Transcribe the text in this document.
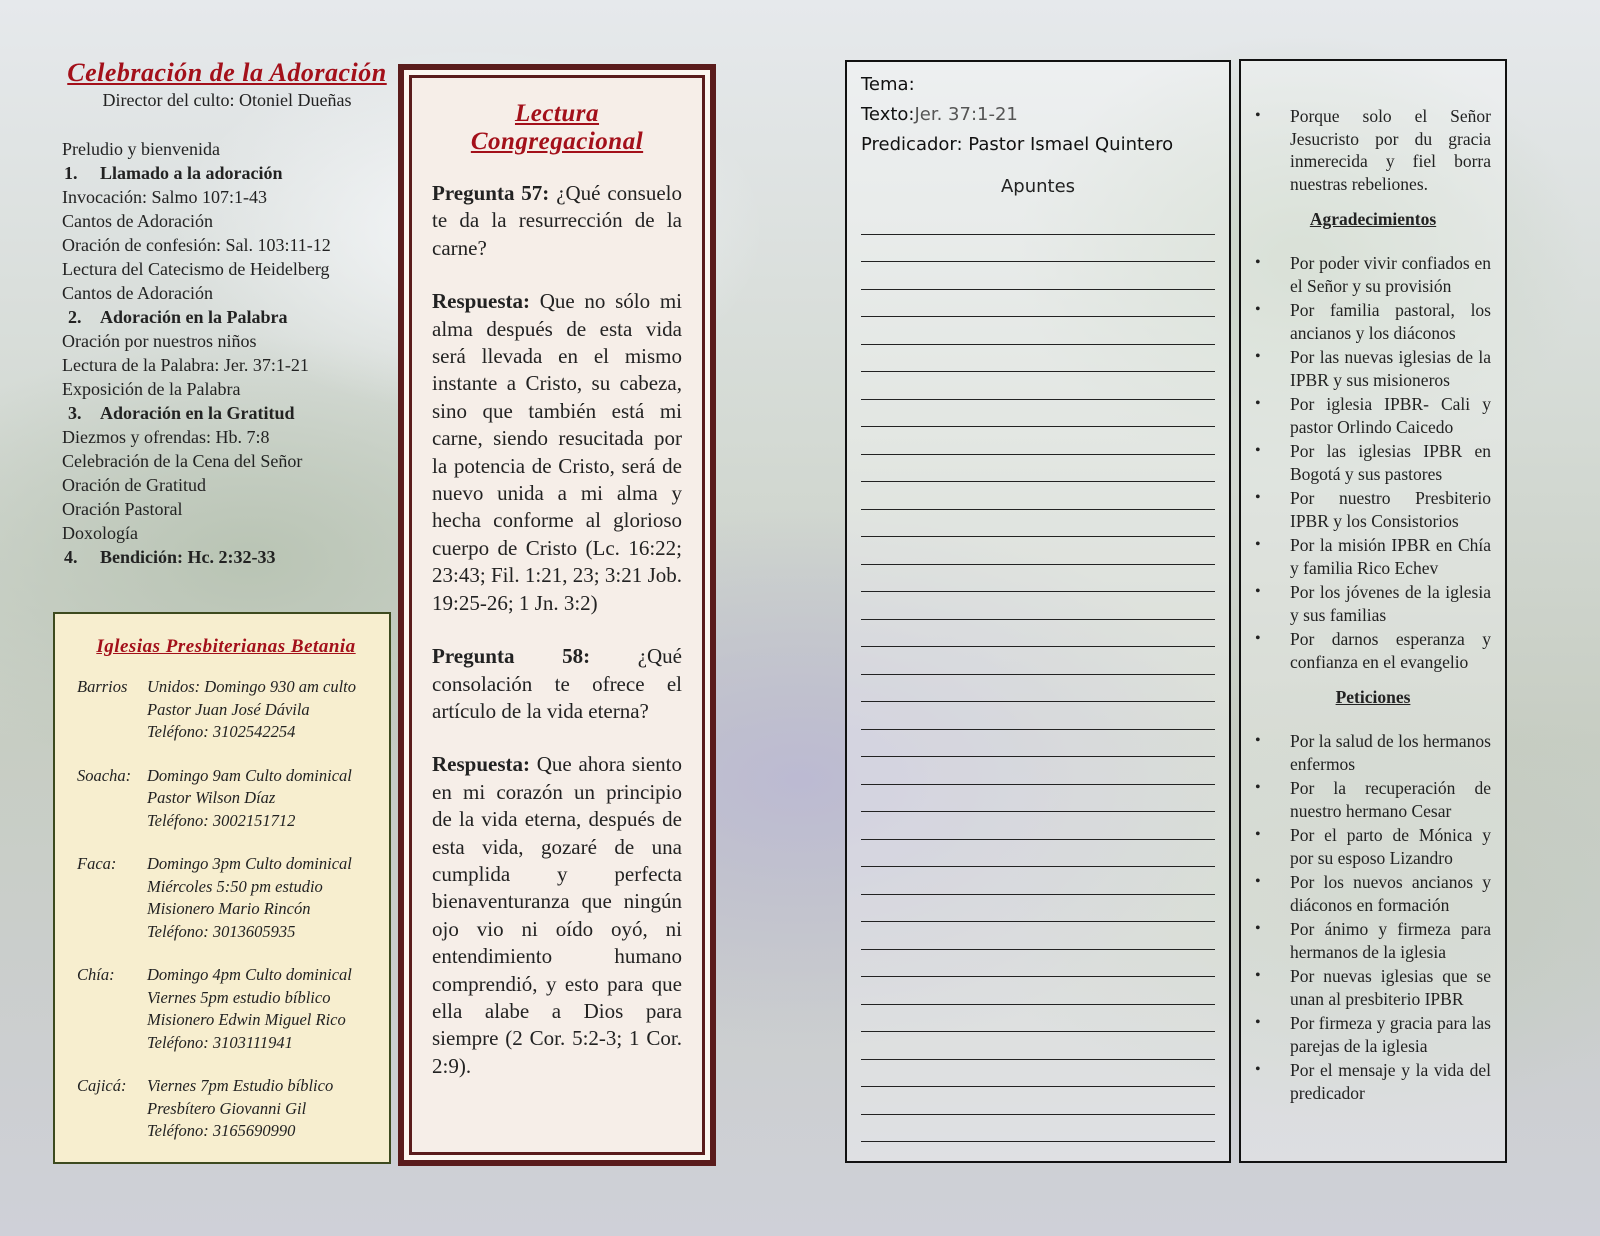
Celebración de la Adoración
Director del culto: Otoniel Dueñas
Preludio y bienvenida
1. Llamado a la adoración
Invocación: Salmo 107:1-43
Cantos de Adoración
Oración de confesión: Sal. 103:11-12
Lectura del Catecismo de Heidelberg
Cantos de Adoración
2. Adoración en la Palabra
Oración por nuestros niños
Lectura de la Palabra: Jer. 37:1-21
Exposición de la Palabra
3. Adoración en la Gratitud
Diezmos y ofrendas: Hb. 7:8
Celebración de la Cena del Señor
Oración de Gratitud
Oración Pastoral
Doxología
4. Bendición: Hc. 2:32-33
Iglesias Presbiterianas Betania
Barrios	Unidos: Domingo 930 am culto
Pastor Juan José Dávila
Teléfono: 3102542254
Soacha: Domingo 9am Culto dominical
Pastor Wilson Díaz
Teléfono: 3002151712
Faca:	Domingo 3pm Culto dominical
Miércoles 5:50 pm estudio
Misionero Mario Rincón
Teléfono: 3013605935
Chía:	Domingo 4pm Culto dominical
Viernes 5pm estudio bíblico
Misionero Edwin Miguel Rico
Teléfono: 3103111941
Cajicá:	Viernes 7pm Estudio bíblico
Presbítero Giovanni Gil
Teléfono: 3165690990
Lectura Congregacional

Pregunta 57: ¿Qué consuelo te da la resurrección de la carne?

Respuesta: Que no sólo mi alma después de esta vida será llevada en el mismo instante a Cristo, su cabeza, sino que también está mi carne, siendo resucitada por la potencia de Cristo, será de nuevo unida a mi alma y hecha conforme al glorioso cuerpo de Cristo (Lc. 16:22; 23:43; Fil. 1:21, 23; 3:21 Job. 19:25-26; 1 Jn. 3:2)

Pregunta 58: ¿Qué consolación te ofrece el artículo de la vida eterna?

Respuesta: Que ahora siento en mi corazón un principio de la vida eterna, después de esta vida, gozaré de una cumplida y perfecta bienaventuranza que ningún ojo vio ni oído oyó, ni entendimiento humano comprendió, y esto para que ella alabe a Dios para siempre (2 Cor. 5:2-3; 1 Cor. 2:9).

Tema:
Texto:Jer. 37:1-21
Predicador: Pastor Ismael Quintero
Apuntes
• Porque solo el Señor Jesucristo por du gracia inmerecida y fiel borra nuestras rebeliones.
Agradecimientos
• Por poder vivir confiados en el Señor y su provisión
• Por familia pastoral, los ancianos y los diáconos
• Por las nuevas iglesias de la IPBR y sus misioneros
• Por iglesia IPBR- Cali y pastor Orlindo Caicedo
• Por las iglesias IPBR en Bogotá y sus pastores
• Por nuestro Presbiterio IPBR y los Consistorios
• Por la misión IPBR en Chía y familia Rico Echev
• Por los jóvenes de la iglesia y sus familias
• Por darnos esperanza y confianza en el evangelio
Peticiones
• Por la salud de los hermanos enfermos
• Por la recuperación de nuestro hermano Cesar
• Por el parto de Mónica y por su esposo Lizandro
• Por los nuevos ancianos y diáconos en formación
• Por ánimo y firmeza para hermanos de la iglesia
• Por nuevas iglesias que se unan al presbiterio IPBR
• Por firmeza y gracia para las parejas de la iglesia
• Por el mensaje y la vida del predicador
